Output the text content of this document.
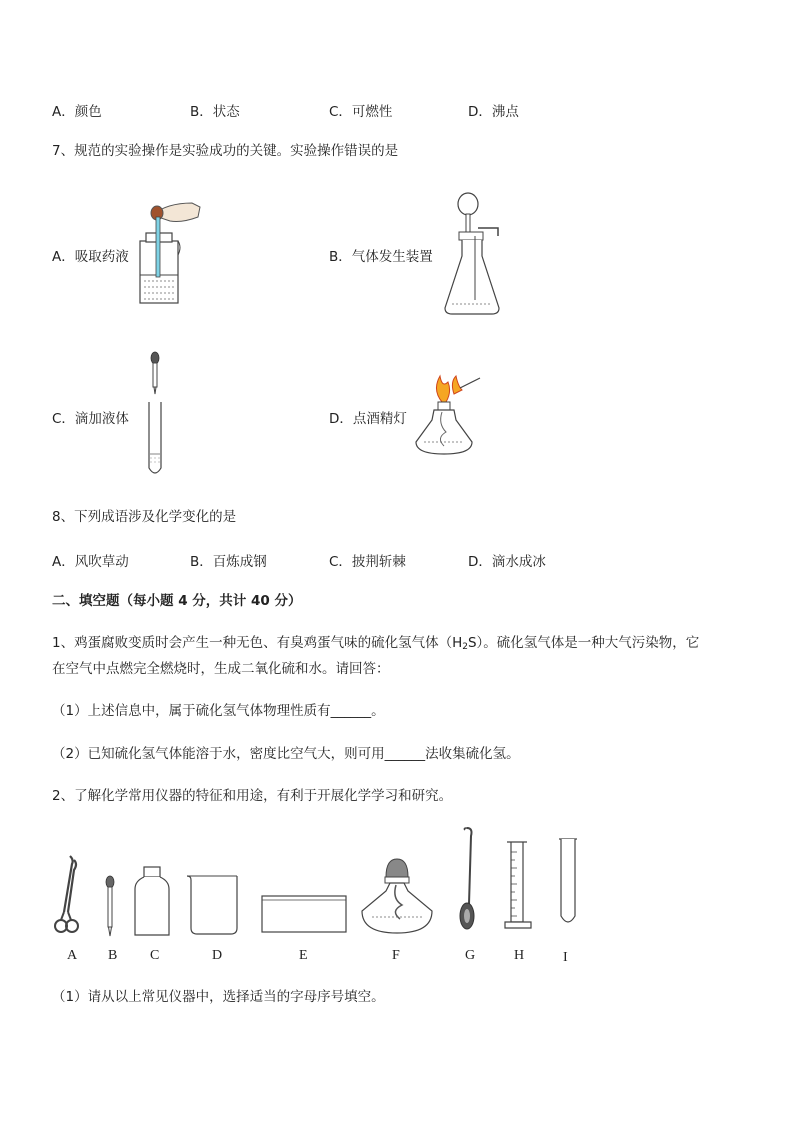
A．颜色	B．状态	C．可燃性	D．沸点
7、规范的实验操作是实验成功的关键。实验操作错误的是
A．吸取药液	B．气体发生装置
C．滴加液体	D．点酒精灯
8、下列成语涉及化学变化的是
A．风吹草动	B．百炼成钢	C．披荆斩棘	D．滴水成冰
二、填空题（每小题 4 分，共计 40 分）
1、鸡蛋腐败变质时会产生一种无色、有臭鸡蛋气味的硫化氢气体$(H_2S)$。硫化氢气体是一种大气污染物，它
在空气中点燃完全燃烧时，生成二氧化硫和水。请回答：
（1）上述信息中，属于硫化氢气体物理性质有______。
（2）已知硫化氢气体能溶于水，密度比空气大，则可用______法收集硫化氢。
2、了解化学常用仪器的特征和用途，有利于开展化学学习和研究。
A B C	D	E	F	G	H	I
（1）请从以上常见仪器中，选择适当的字母序号填空。
